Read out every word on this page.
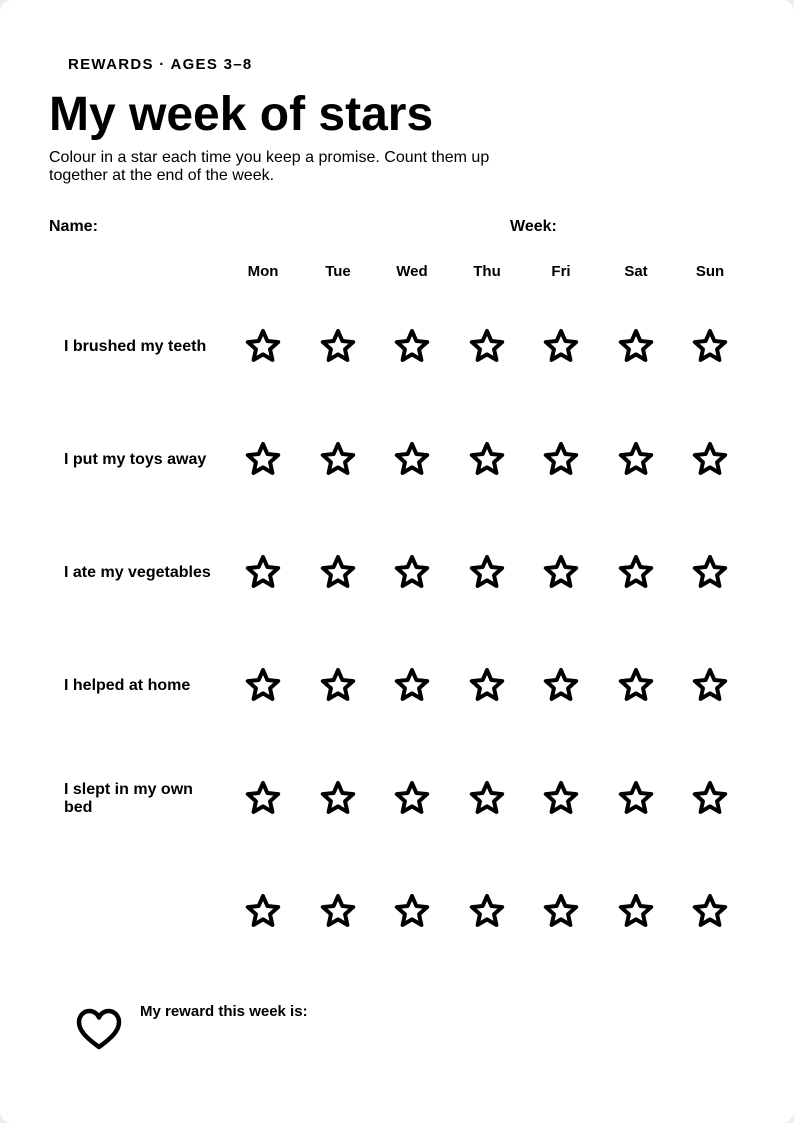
REWARDS · AGES 3–8
My week of stars

Colour in a star each time you keep a promise. Count them up together at the end of the week.

Name:	Week:
Mon	Tue	Wed	Thu	Fri	Sat	Sun
I brushed my teeth
I put my toys away
I ate my vegetables
I helped at home
I slept in my own bed
My reward this week is:
